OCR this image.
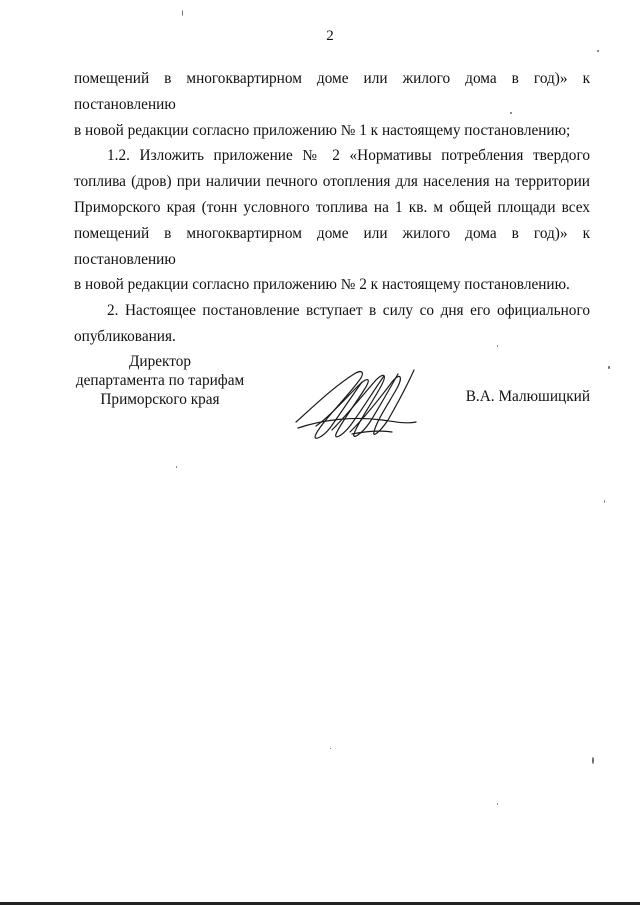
2

помещений в многоквартирном доме или жилого дома в год)» к постановлению
в новой редакции согласно приложению № 1 к настоящему постановлению;

1.2. Изложить приложение № 2 «Нормативы потребления твердого
топлива (дров) при наличии печного отопления для населения на территории
Приморского края (тонн условного топлива на 1 кв. м общей площади всех
помещений в многоквартирном доме или жилого дома в год)» к постановлению
в новой редакции согласно приложению № 2 к настоящему постановлению.

2. Настоящее постановление вступает в силу со дня его официального
опубликования.

Директор
департамента по тарифам
Приморского края	В.А. Малюшицкий
